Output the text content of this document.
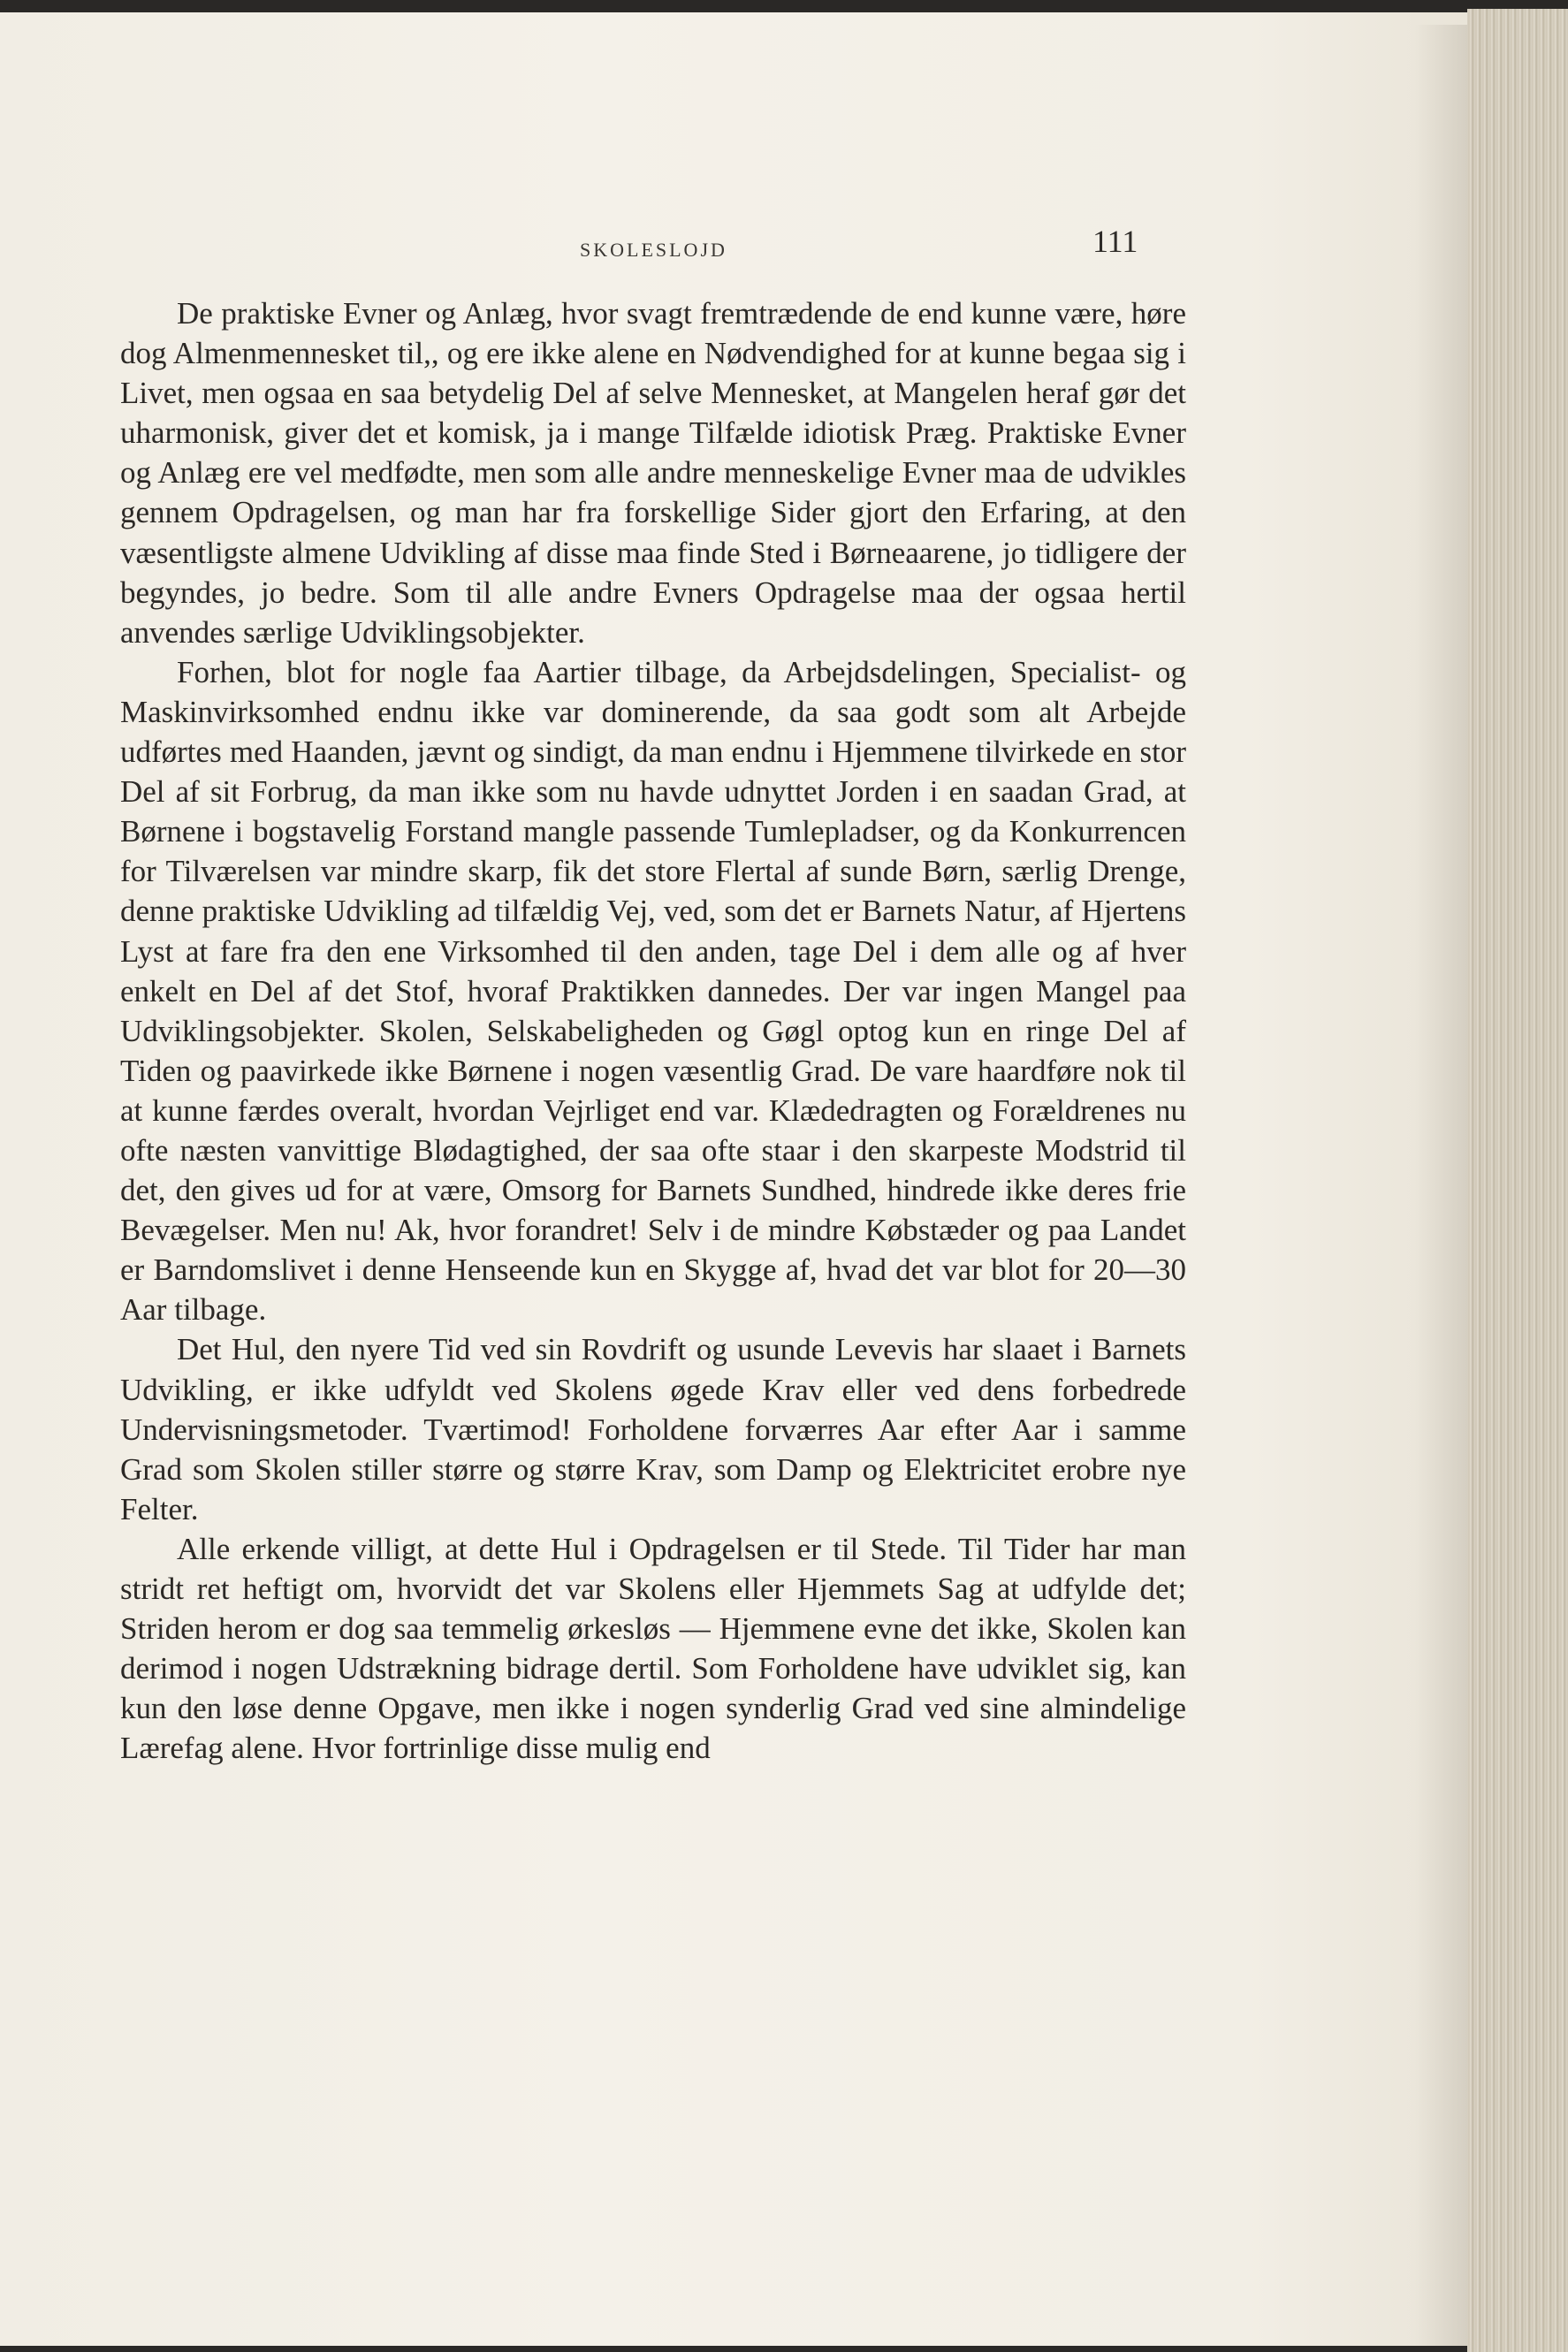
SKOLESLOJD	111

De praktiske Evner og Anlæg, hvor svagt fremtrædende de end kunne være, høre dog Almenmennesket til,, og ere ikke alene en Nødvendighed for at kunne begaa sig i Livet, men ogsaa en saa betydelig Del af selve Mennesket, at Mangelen heraf gør det uharmonisk, giver det et komisk, ja i mange Tilfælde idiotisk Præg. Praktiske Evner og Anlæg ere vel medfødte, men som alle andre menneskelige Evner maa de udvikles gennem Opdragelsen, og man har fra forskellige Sider gjort den Erfaring, at den væsentligste almene Udvikling af disse maa finde Sted i Børneaarene, jo tidligere der begyndes, jo bedre. Som til alle andre Evners Opdragelse maa der ogsaa hertil anvendes særlige Udviklingsobjekter.

Forhen, blot for nogle faa Aartier tilbage, da Arbejdsdelingen, Specialist- og Maskinvirksomhed endnu ikke var dominerende, da saa godt som alt Arbejde udførtes med Haanden, jævnt og sindigt, da man endnu i Hjemmene tilvirkede en stor Del af sit Forbrug, da man ikke som nu havde udnyttet Jorden i en saadan Grad, at Børnene i bogstavelig Forstand mangle passende Tumlepladser, og da Konkurrencen for Tilværelsen var mindre skarp, fik det store Flertal af sunde Børn, særlig Drenge, denne praktiske Udvikling ad tilfældig Vej, ved, som det er Barnets Natur, af Hjertens Lyst at fare fra den ene Virksomhed til den anden, tage Del i dem alle og af hver enkelt en Del af det Stof, hvoraf Praktikken dannedes. Der var ingen Mangel paa Udviklingsobjekter. Skolen, Selskabeligheden og Gøgl optog kun en ringe Del af Tiden og paavirkede ikke Børnene i nogen væsentlig Grad. De vare haardføre nok til at kunne færdes overalt, hvordan Vejrliget end var. Klædedragten og Forældrenes nu ofte næsten vanvittige Blødagtighed, der saa ofte staar i den skarpeste Modstrid til det, den gives ud for at være, Omsorg for Barnets Sundhed, hindrede ikke deres frie Bevægelser. Men nu! Ak, hvor forandret! Selv i de mindre Købstæder og paa Landet er Barndomslivet i denne Henseende kun en Skygge af, hvad det var blot for 20—30 Aar tilbage.

Det Hul, den nyere Tid ved sin Rovdrift og usunde Levevis har slaaet i Barnets Udvikling, er ikke udfyldt ved Skolens øgede Krav eller ved dens forbedrede Undervisningsmetoder. Tværtimod! Forholdene forværres Aar efter Aar i samme Grad som Skolen stiller større og større Krav, som Damp og Elektricitet erobre nye Felter.

Alle erkende villigt, at dette Hul i Opdragelsen er til Stede. Til Tider har man stridt ret heftigt om, hvorvidt det var Skolens eller Hjemmets Sag at udfylde det; Striden herom er dog saa temmelig ørkesløs — Hjemmene evne det ikke, Skolen kan derimod i nogen Udstrækning bidrage dertil. Som Forholdene have udviklet sig, kan kun den løse denne Opgave, men ikke i nogen synderlig Grad ved sine almindelige Lærefag alene. Hvor fortrinlige disse mulig end
